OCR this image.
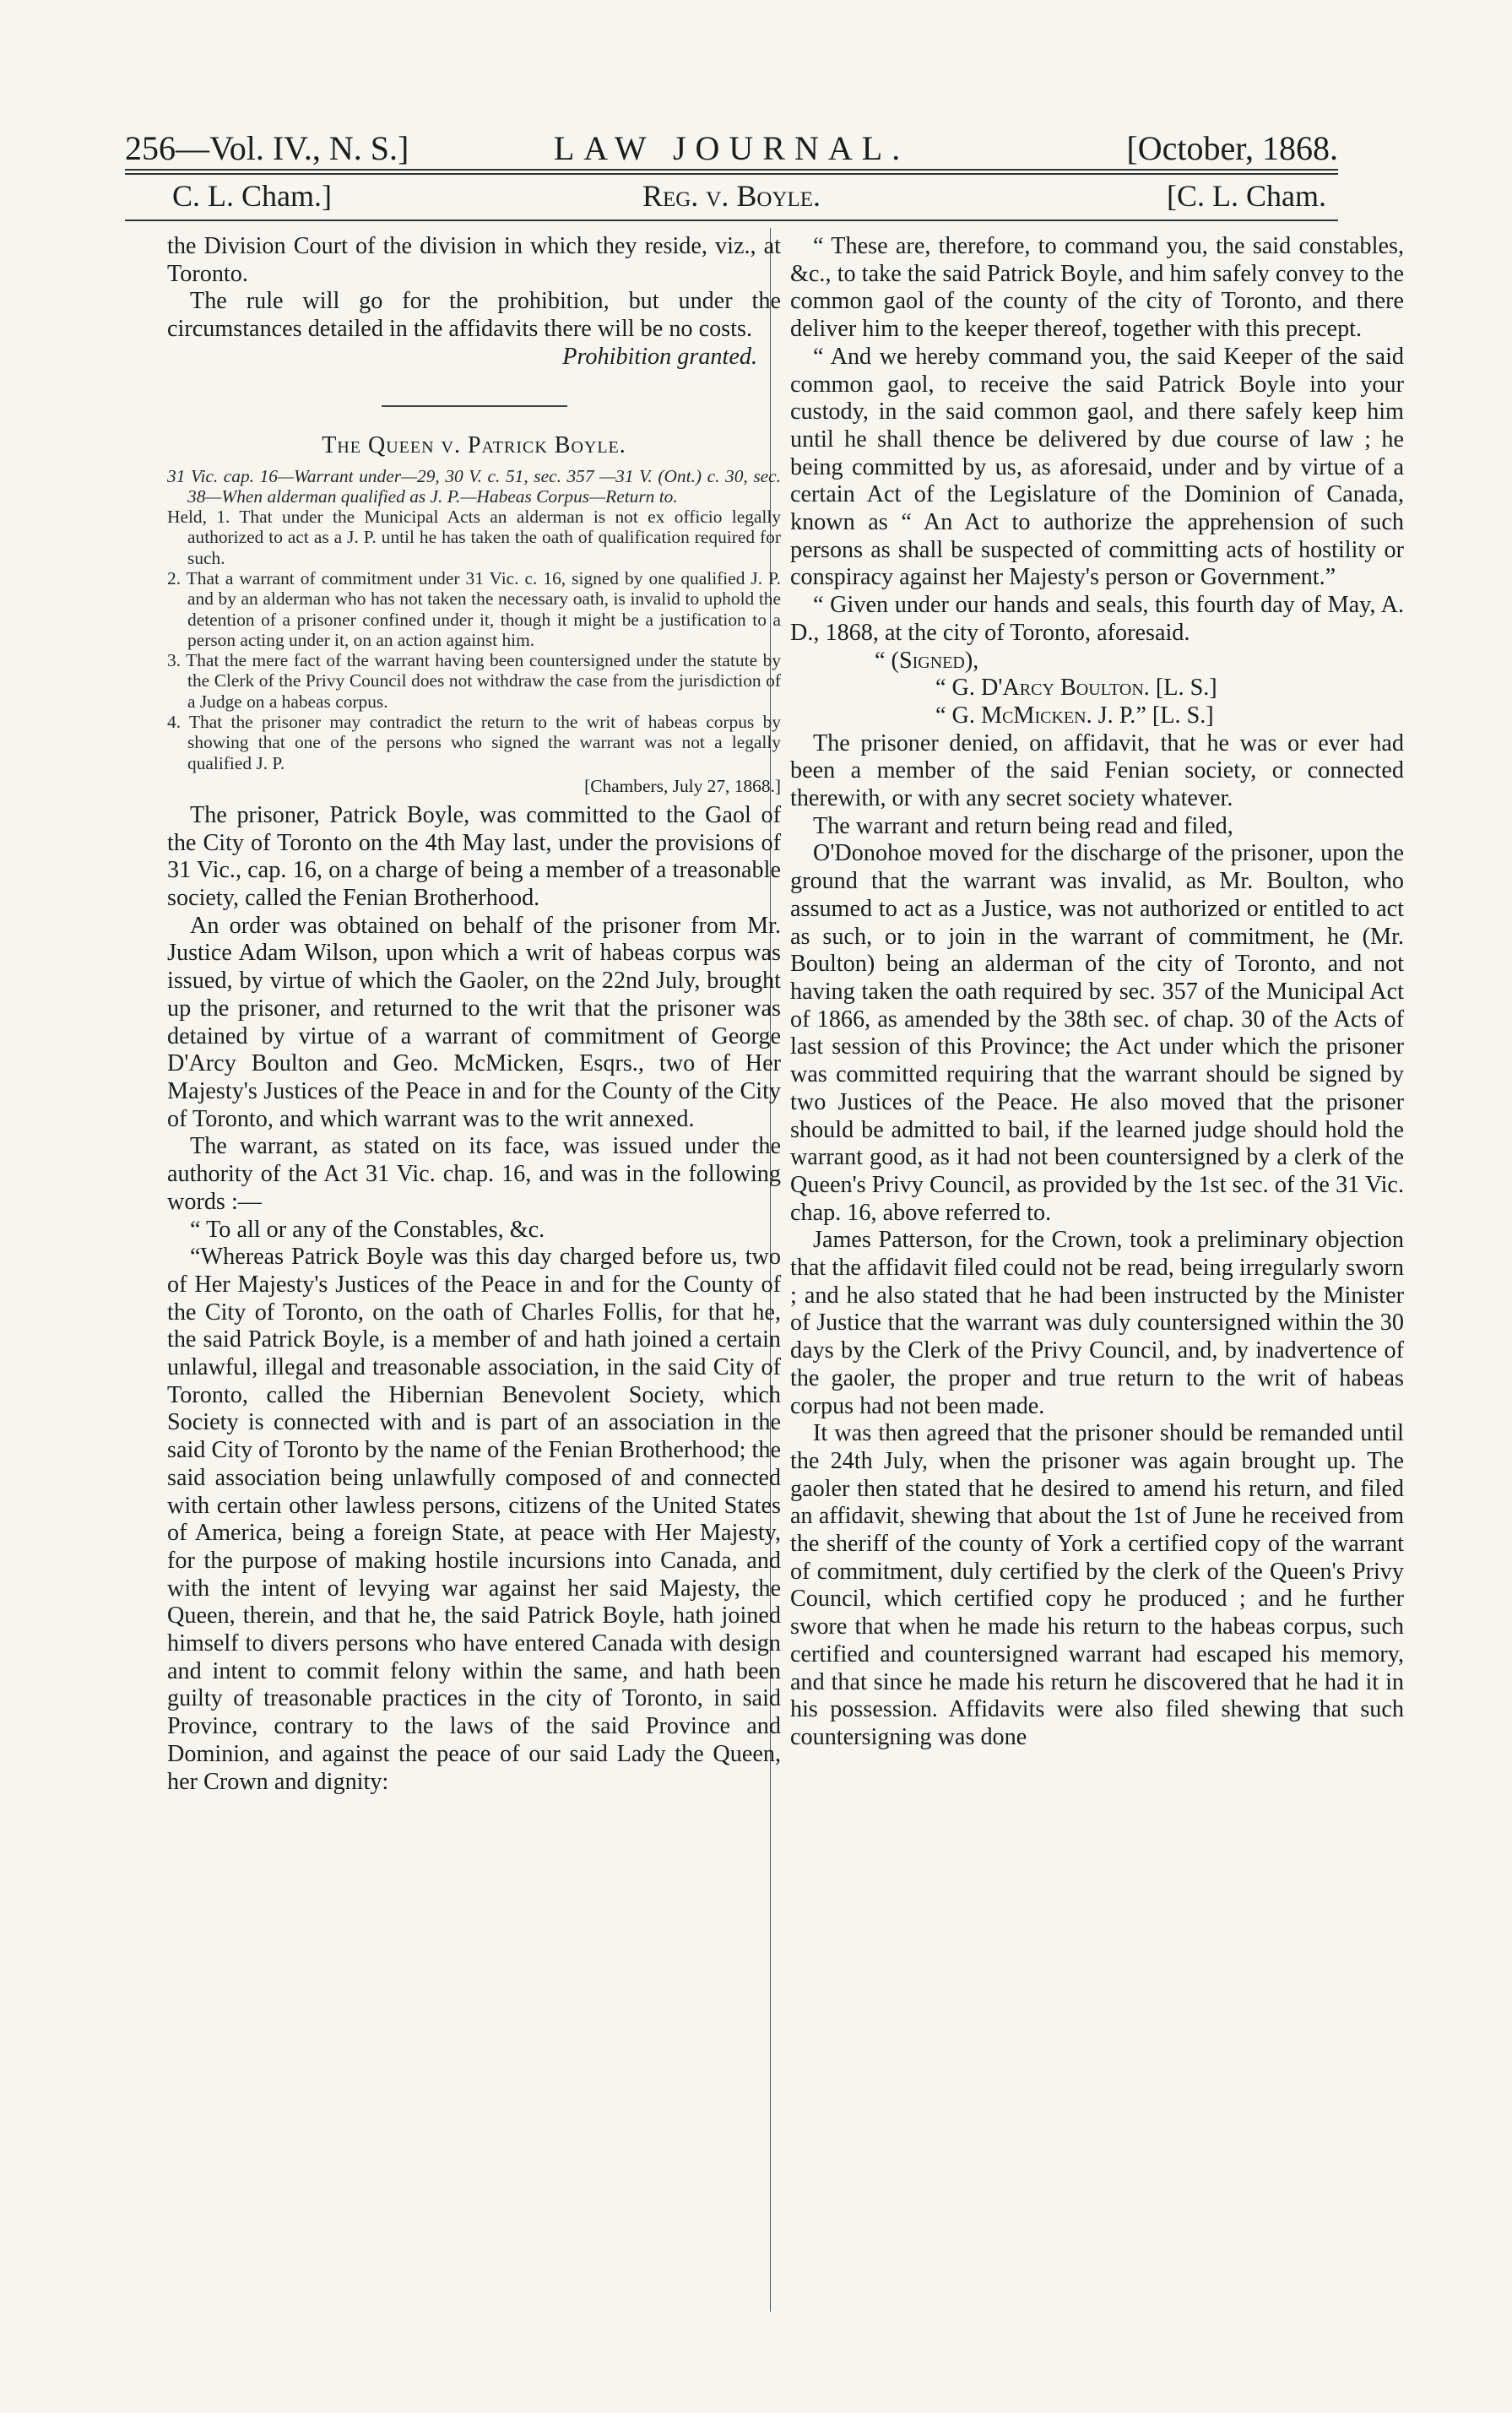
256—Vol. IV., N. S.]	LAW JOURNAL.	[October, 1868.
C. L. Cham.]	Reg. v. Boyle.	[C. L. Cham.

the Division Court of the division in which they reside, viz., at Toronto.

The rule will go for the prohibition, but under the circumstances detailed in the affidavits there will be no costs.

Prohibition granted.

The Queen v. Patrick Boyle.

31 Vic. cap. 16—Warrant under—29, 30 V. c. 51, sec. 357 —31 V. (Ont.) c. 30, sec. 38—When alderman qualified as J. P.—Habeas Corpus—Return to.

Held, 1. That under the Municipal Acts an alderman is not ex officio legally authorized to act as a J. P. until he has taken the oath of qualification required for such.
2. That a warrant of commitment under 31 Vic. c. 16, signed by one qualified J. P. and by an alderman who has not taken the necessary oath, is invalid to uphold the detention of a prisoner confined under it, though it might be a justification to a person acting under it, on an action against him.
3. That the mere fact of the warrant having been countersigned under the statute by the Clerk of the Privy Council does not withdraw the case from the jurisdiction of a Judge on a habeas corpus.
4. That the prisoner may contradict the return to the writ of habeas corpus by showing that one of the persons who signed the warrant was not a legally qualified J. P.

[Chambers, July 27, 1868.]

The prisoner, Patrick Boyle, was committed to the Gaol of the City of Toronto on the 4th May last, under the provisions of 31 Vic., cap. 16, on a charge of being a member of a treasonable society, called the Fenian Brotherhood.

An order was obtained on behalf of the prisoner from Mr. Justice Adam Wilson, upon which a writ of habeas corpus was issued, by virtue of which the Gaoler, on the 22nd July, brought up the prisoner, and returned to the writ that the prisoner was detained by virtue of a warrant of commitment of George D'Arcy Boulton and Geo. McMicken, Esqrs., two of Her Majesty's Justices of the Peace in and for the County of the City of Toronto, and which warrant was to the writ annexed.

The warrant, as stated on its face, was issued under the authority of the Act 31 Vic. chap. 16, and was in the following words :—

“ To all or any of the Constables, &c.

“Whereas Patrick Boyle was this day charged before us, two of Her Majesty's Justices of the Peace in and for the County of the City of Toronto, on the oath of Charles Follis, for that he, the said Patrick Boyle, is a member of and hath joined a certain unlawful, illegal and treasonable association, in the said City of Toronto, called the Hibernian Benevolent Society, which Society is connected with and is part of an association in the said City of Toronto by the name of the Fenian Brotherhood; the said association being unlawfully composed of and connected with certain other lawless persons, citizens of the United States of America, being a foreign State, at peace with Her Majesty, for the purpose of making hostile incursions into Canada, and with the intent of levying war against her said Majesty, the Queen, therein, and that he, the said Patrick Boyle, hath joined himself to divers persons who have entered Canada with design and intent to commit felony within the same, and hath been guilty of treasonable practices in the city of Toronto, in said Province, contrary to the laws of the said Province and Dominion, and against the peace of our said Lady the Queen, her Crown and dignity:

“ These are, therefore, to command you, the said constables, &c., to take the said Patrick Boyle, and him safely convey to the common gaol of the county of the city of Toronto, and there deliver him to the keeper thereof, together with this precept.

“ And we hereby command you, the said Keeper of the said common gaol, to receive the said Patrick Boyle into your custody, in the said common gaol, and there safely keep him until he shall thence be delivered by due course of law ; he being committed by us, as aforesaid, under and by virtue of a certain Act of the Legislature of the Dominion of Canada, known as “ An Act to authorize the apprehension of such persons as shall be suspected of committing acts of hostility or conspiracy against her Majesty's person or Government.”

“ Given under our hands and seals, this fourth day of May, A. D., 1868, at the city of Toronto, aforesaid.

“ (Signed),

“ G. D'Arcy Boulton. [L. S.]

“ G. McMicken. J. P.” [L. S.]

The prisoner denied, on affidavit, that he was or ever had been a member of the said Fenian society, or connected therewith, or with any secret society whatever.

The warrant and return being read and filed,

O'Donohoe moved for the discharge of the prisoner, upon the ground that the warrant was invalid, as Mr. Boulton, who assumed to act as a Justice, was not authorized or entitled to act as such, or to join in the warrant of commitment, he (Mr. Boulton) being an alderman of the city of Toronto, and not having taken the oath required by sec. 357 of the Municipal Act of 1866, as amended by the 38th sec. of chap. 30 of the Acts of last session of this Province; the Act under which the prisoner was committed requiring that the warrant should be signed by two Justices of the Peace. He also moved that the prisoner should be admitted to bail, if the learned judge should hold the warrant good, as it had not been countersigned by a clerk of the Queen's Privy Council, as provided by the 1st sec. of the 31 Vic. chap. 16, above referred to.

James Patterson, for the Crown, took a preliminary objection that the affidavit filed could not be read, being irregularly sworn ; and he also stated that he had been instructed by the Minister of Justice that the warrant was duly countersigned within the 30 days by the Clerk of the Privy Council, and, by inadvertence of the gaoler, the proper and true return to the writ of habeas corpus had not been made.

It was then agreed that the prisoner should be remanded until the 24th July, when the prisoner was again brought up. The gaoler then stated that he desired to amend his return, and filed an affidavit, shewing that about the 1st of June he received from the sheriff of the county of York a certified copy of the warrant of commitment, duly certified by the clerk of the Queen's Privy Council, which certified copy he produced ; and he further swore that when he made his return to the habeas corpus, such certified and countersigned warrant had escaped his memory, and that since he made his return he discovered that he had it in his possession. Affidavits were also filed shewing that such countersigning was done
